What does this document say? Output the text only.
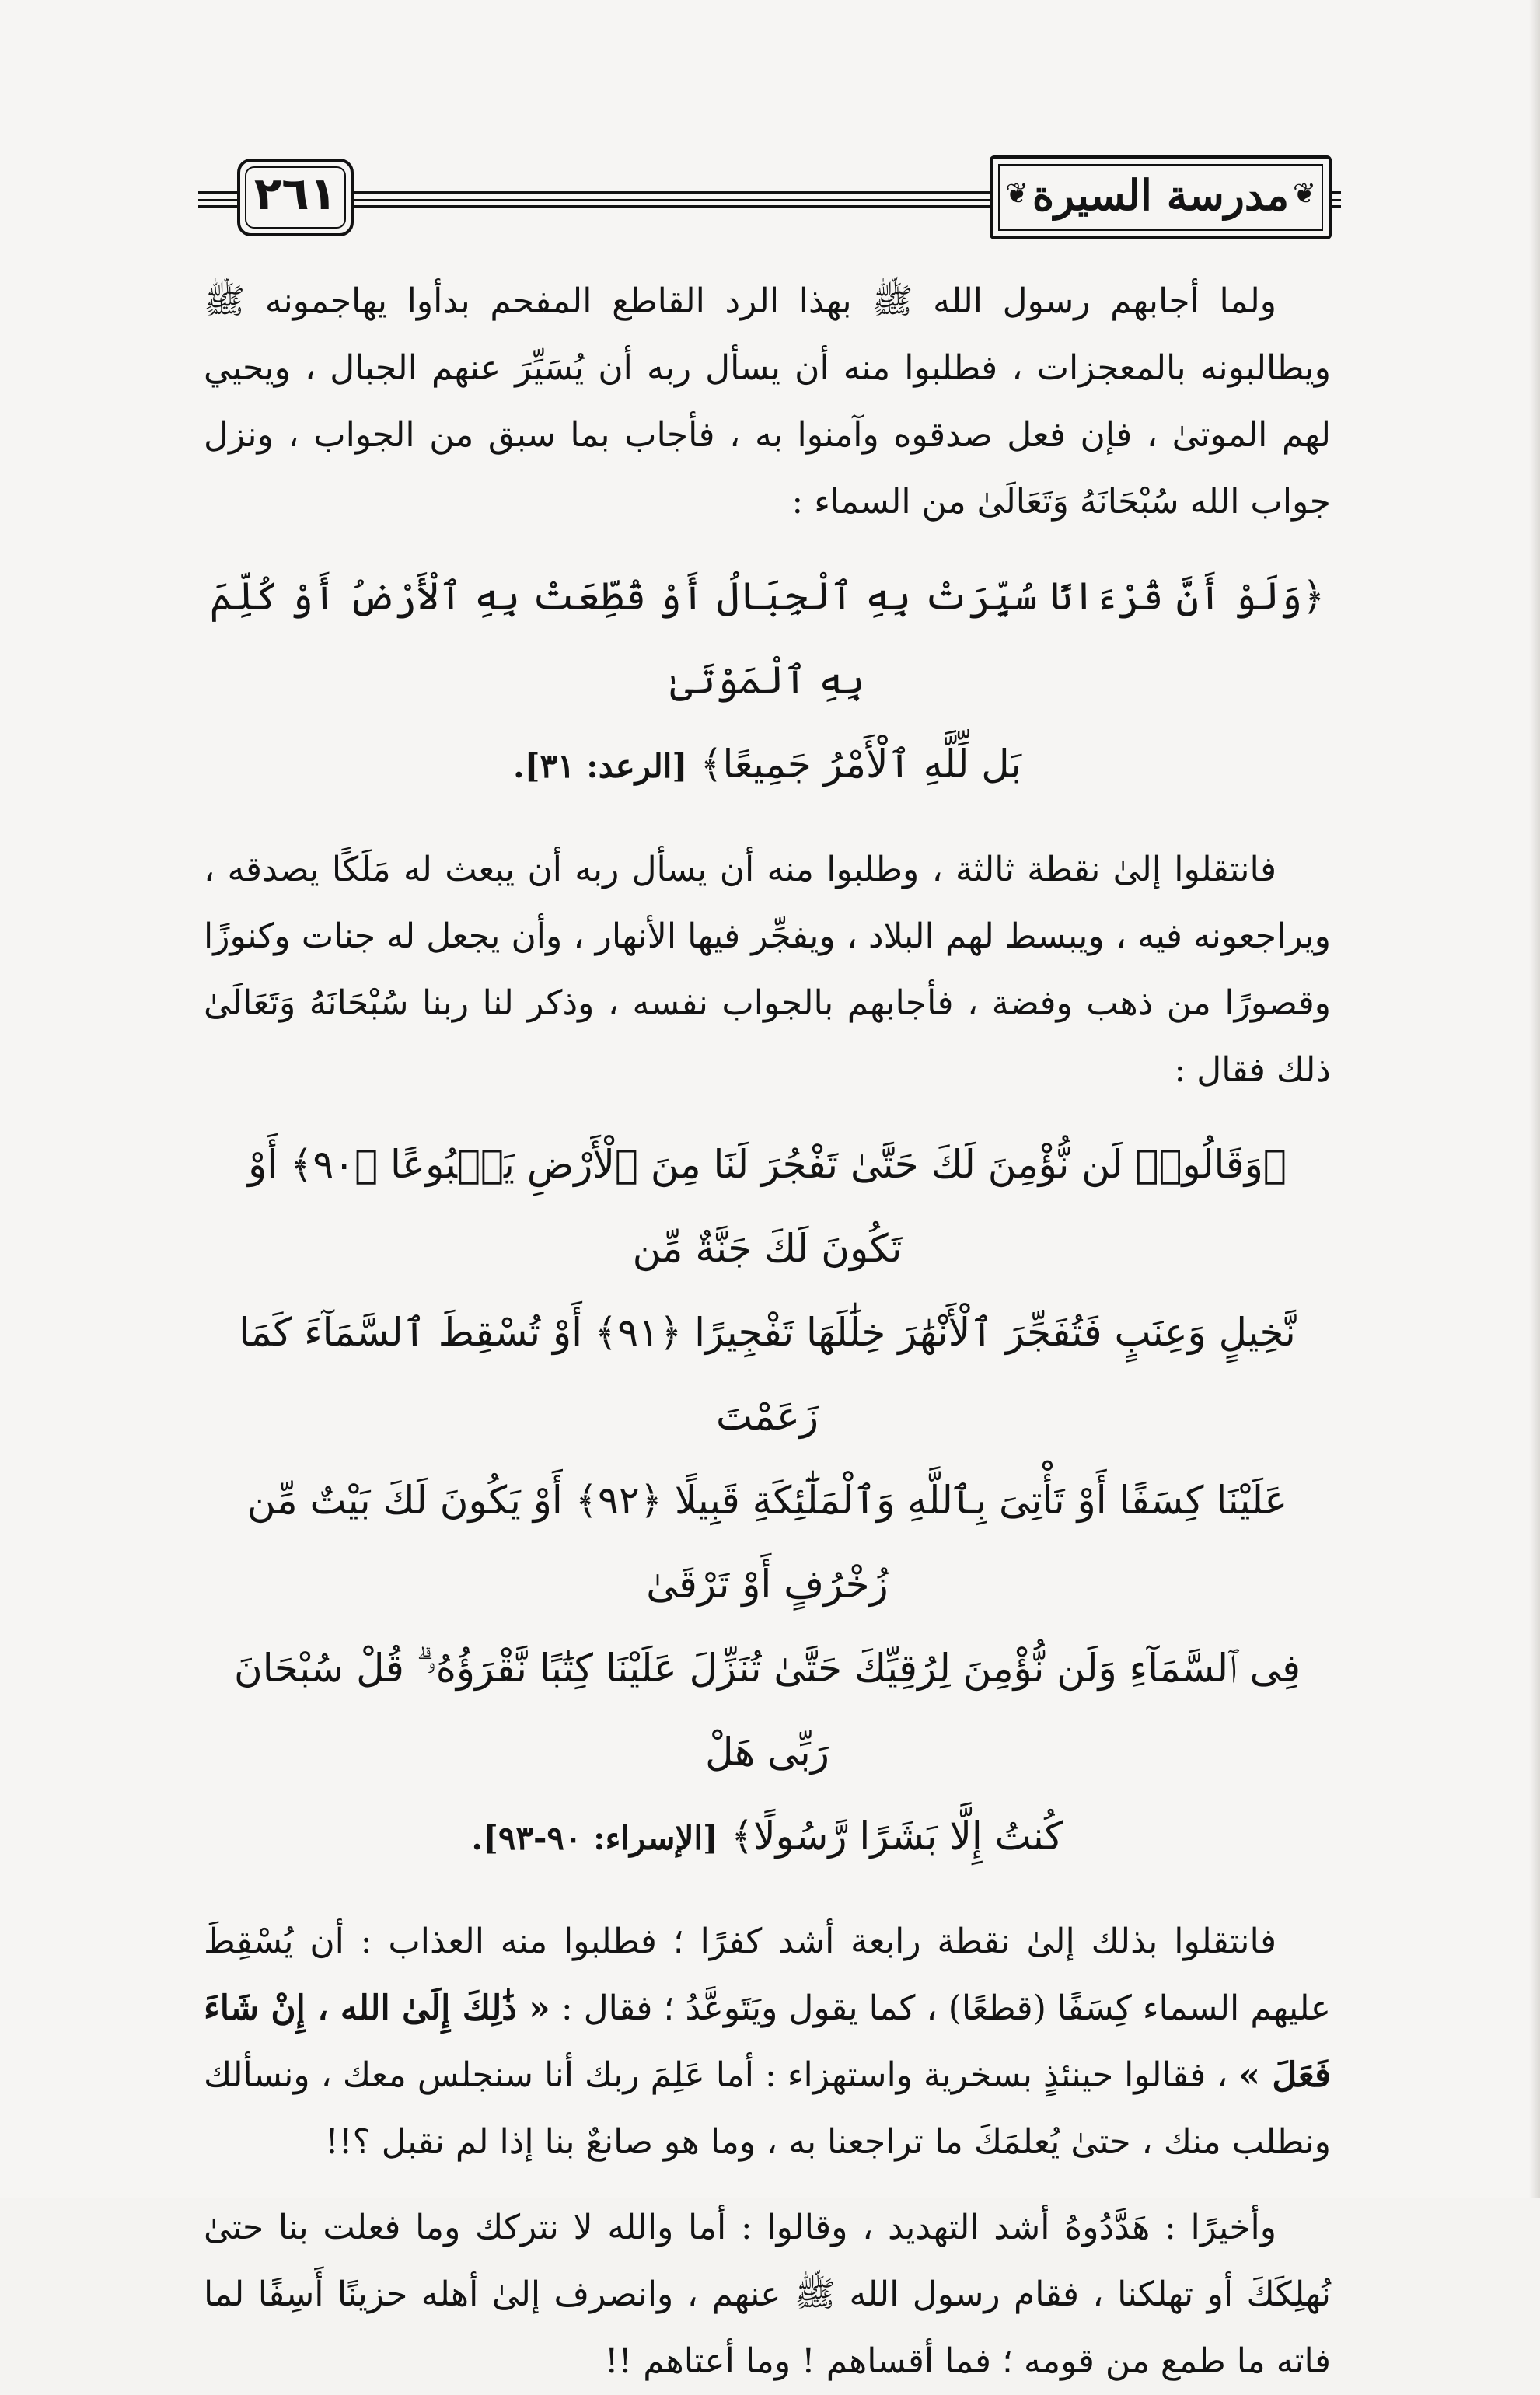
٢٦١	❦ مدرسة السيرة ❦

ولما أجابهم رسول الله ﷺ بهذا الرد القاطع المفحم بدأوا يهاجمونه ﷺ ويطالبونه بالمعجزات ، فطلبوا منه أن يسأل ربه أن يُسَيِّرَ عنهم الجبال ، ويحيي لهم الموتىٰ ، فإن فعل صدقوه وآمنوا به ، فأجاب بما سبق من الجواب ، ونزل جواب الله سُبْحَانَهُ وَتَعَالَىٰ من السماء :

﴿وَلَوْ أَنَّ قُرْءَانًا سُيِّرَتْ بِهِ ٱلْجِبَالُ أَوْ قُطِّعَتْ بِهِ ٱلْأَرْضُ أَوْ كُلِّمَ بِهِ ٱلْمَوْتَىٰ

بَل لِّلَّهِ ٱلْأَمْرُ جَمِيعًا﴾ [الرعد: ٣١].

فانتقلوا إلىٰ نقطة ثالثة ، وطلبوا منه أن يسأل ربه أن يبعث له مَلَكًا يصدقه ، ويراجعونه فيه ، ويبسط لهم البلاد ، ويفجِّر فيها الأنهار ، وأن يجعل له جنات وكنوزًا وقصورًا من ذهب وفضة ، فأجابهم بالجواب نفسه ، وذكر لنا ربنا سُبْحَانَهُ وَتَعَالَىٰ ذلك فقال :

﴿وَقَالُوا۟ لَن نُّؤْمِنَ لَكَ حَتَّىٰ تَفْجُرَ لَنَا مِنَ ٱلْأَرْضِ يَنۢبُوعًا ﴿٩٠﴾ أَوْ تَكُونَ لَكَ جَنَّةٌ مِّن

نَّخِيلٍ وَعِنَبٍ فَتُفَجِّرَ ٱلْأَنْهَٰرَ خِلَٰلَهَا تَفْجِيرًا ﴿٩١﴾ أَوْ تُسْقِطَ ٱلسَّمَآءَ كَمَا زَعَمْتَ

عَلَيْنَا كِسَفًا أَوْ تَأْتِىَ بِٱللَّهِ وَٱلْمَلَٰٓئِكَةِ قَبِيلًا ﴿٩٢﴾ أَوْ يَكُونَ لَكَ بَيْتٌ مِّن زُخْرُفٍ أَوْ تَرْقَىٰ

فِى ٱلسَّمَآءِ وَلَن نُّؤْمِنَ لِرُقِيِّكَ حَتَّىٰ تُنَزِّلَ عَلَيْنَا كِتَٰبًا نَّقْرَؤُهُۥ ۗ قُلْ سُبْحَانَ رَبِّى هَلْ

كُنتُ إِلَّا بَشَرًا رَّسُولًا﴾ [الإسراء: ٩٠-٩٣].

فانتقلوا بذلك إلىٰ نقطة رابعة أشد كفرًا ؛ فطلبوا منه العذاب : أن يُسْقِطَ عليهم السماء كِسَفًا (قطعًا) ، كما يقول ويَتَوعَّدُ ؛ فقال : « ذَٰلِكَ إِلَىٰ الله ، إِنْ شَاءَ فَعَلَ » ، فقالوا حينئذٍ بسخرية واستهزاء : أما عَلِمَ ربك أنا سنجلس معك ، ونسألك ونطلب منك ، حتىٰ يُعلمَكَ ما تراجعنا به ، وما هو صانعٌ بنا إذا لم نقبل ؟!!

وأخيرًا : هَدَّدُوهُ أشد التهديد ، وقالوا : أما والله لا نتركك وما فعلت بنا حتىٰ نُهلِكَكَ أو تهلكنا ، فقام رسول الله ﷺ عنهم ، وانصرف إلىٰ أهله حزينًا أَسِفًا لما فاته ما طمع من قومه ؛ فما أقساهم ! وما أعتاهم !!
